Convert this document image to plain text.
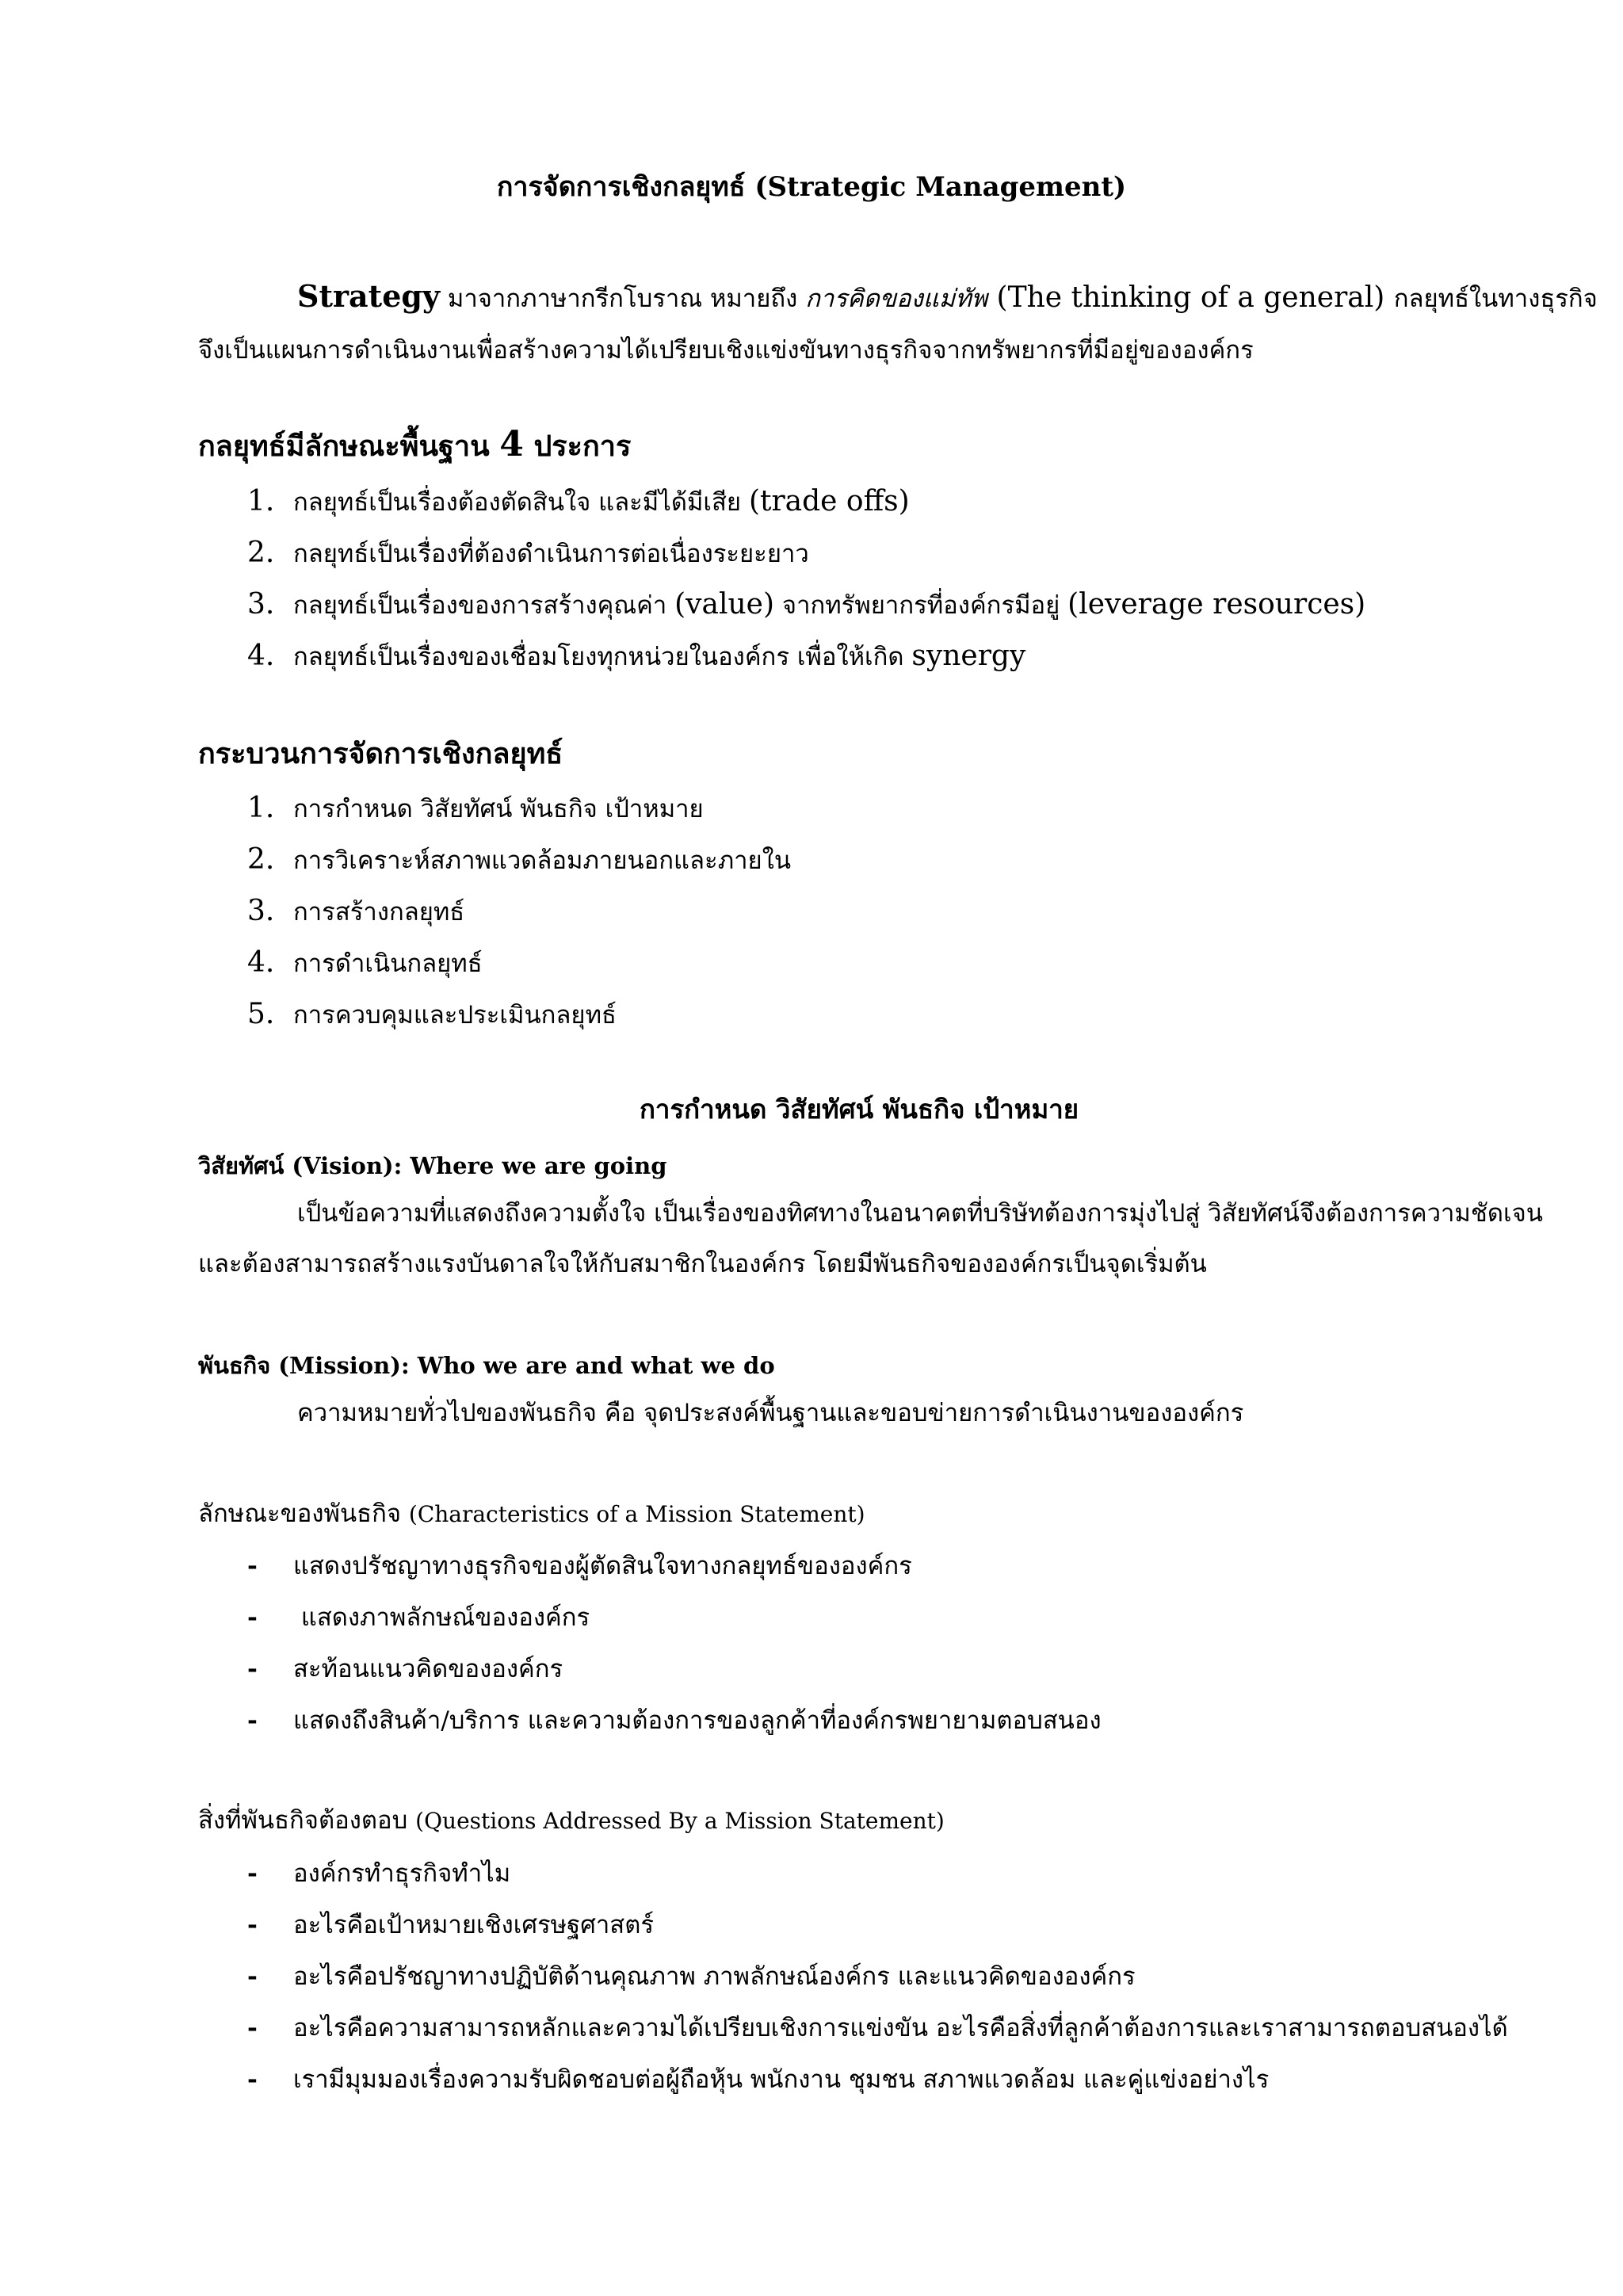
การจัดการเชิงกลยุทธ์ (Strategic Management)
Strategy มาจากภาษากรีกโบราณ หมายถึง การคิดของแม่ทัพ (The thinking of a general) กลยุทธ์ในทางธุรกิจ
จึงเป็นแผนการดำเนินงานเพื่อสร้างความได้เปรียบเชิงแข่งขันทางธุรกิจจากทรัพยากรที่มีอยู่ขององค์กร
กลยุทธ์มีลักษณะพื้นฐาน 4 ประการ
1. กลยุทธ์เป็นเรื่องต้องตัดสินใจ และมีได้มีเสีย (trade offs)
2. กลยุทธ์เป็นเรื่องที่ต้องดำเนินการต่อเนื่องระยะยาว
3. กลยุทธ์เป็นเรื่องของการสร้างคุณค่า (value) จากทรัพยากรที่องค์กรมีอยู่ (leverage resources)
4. กลยุทธ์เป็นเรื่องของเชื่อมโยงทุกหน่วยในองค์กร เพื่อให้เกิด synergy
กระบวนการจัดการเชิงกลยุทธ์
1. การกำหนด วิสัยทัศน์ พันธกิจ เป้าหมาย
2. การวิเคราะห์สภาพแวดล้อมภายนอกและภายใน
3. การสร้างกลยุทธ์
4. การดำเนินกลยุทธ์
5. การควบคุมและประเมินกลยุทธ์
การกำหนด วิสัยทัศน์ พันธกิจ เป้าหมาย
วิสัยทัศน์ (Vision): Where we are going
เป็นข้อความที่แสดงถึงความตั้งใจ เป็นเรื่องของทิศทางในอนาคตที่บริษัทต้องการมุ่งไปสู่ วิสัยทัศน์จึงต้องการความชัดเจน
และต้องสามารถสร้างแรงบันดาลใจให้กับสมาชิกในองค์กร โดยมีพันธกิจขององค์กรเป็นจุดเริ่มต้น
พันธกิจ (Mission): Who we are and what we do
ความหมายทั่วไปของพันธกิจ คือ จุดประสงค์พื้นฐานและขอบข่ายการดำเนินงานขององค์กร
ลักษณะของพันธกิจ (Characteristics of a Mission Statement)
- แสดงปรัชญาทางธุรกิจของผู้ตัดสินใจทางกลยุทธ์ขององค์กร
- แสดงภาพลักษณ์ขององค์กร
- สะท้อนแนวคิดขององค์กร
- แสดงถึงสินค้า/บริการ และความต้องการของลูกค้าที่องค์กรพยายามตอบสนอง
สิ่งที่พันธกิจต้องตอบ (Questions Addressed By a Mission Statement)
- องค์กรทำธุรกิจทำไม
- อะไรคือเป้าหมายเชิงเศรษฐศาสตร์
- อะไรคือปรัชญาทางปฏิบัติด้านคุณภาพ ภาพลักษณ์องค์กร และแนวคิดขององค์กร
- อะไรคือความสามารถหลักและความได้เปรียบเชิงการแข่งขัน อะไรคือสิ่งที่ลูกค้าต้องการและเราสามารถตอบสนองได้
- เรามีมุมมองเรื่องความรับผิดชอบต่อผู้ถือหุ้น พนักงาน ชุมชน สภาพแวดล้อม และคู่แข่งอย่างไร
